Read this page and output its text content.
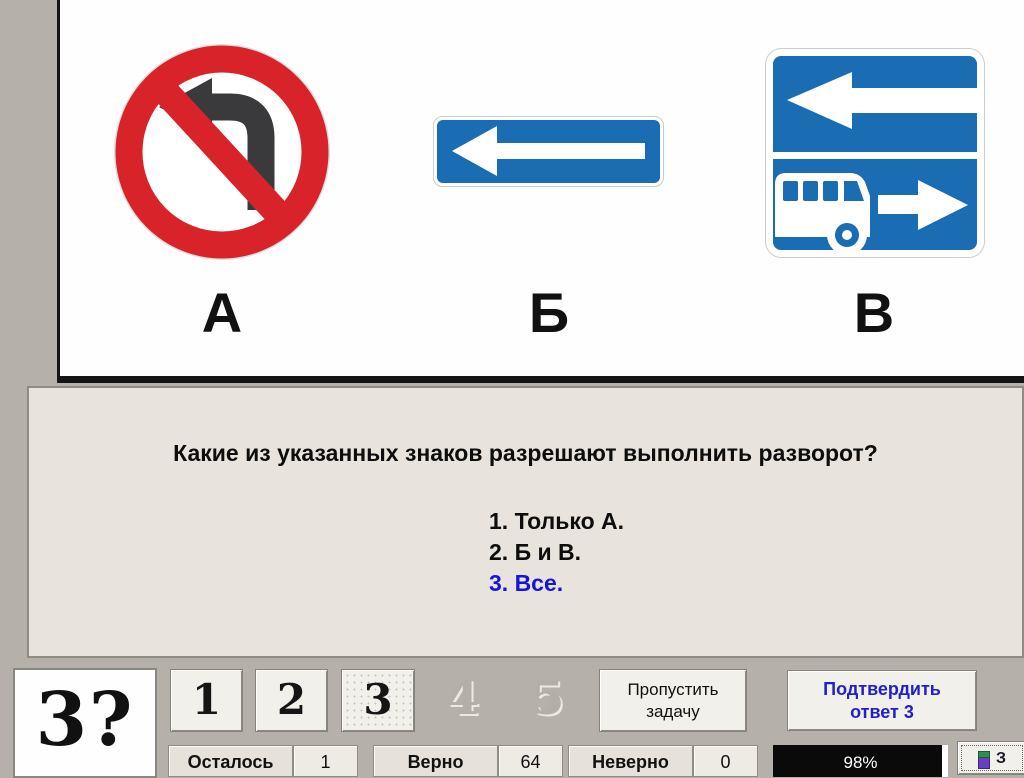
А	Б	В
Какие из указанных знаков разрешают выполнить разворот?
1. Только А.
2. Б и В.
3. Все.
3?	1	2	3	4 5	Пропустить
задачу
Подтвердить
ответ 3
Осталось	1	Верно	64	Неверно	0	98%	З
